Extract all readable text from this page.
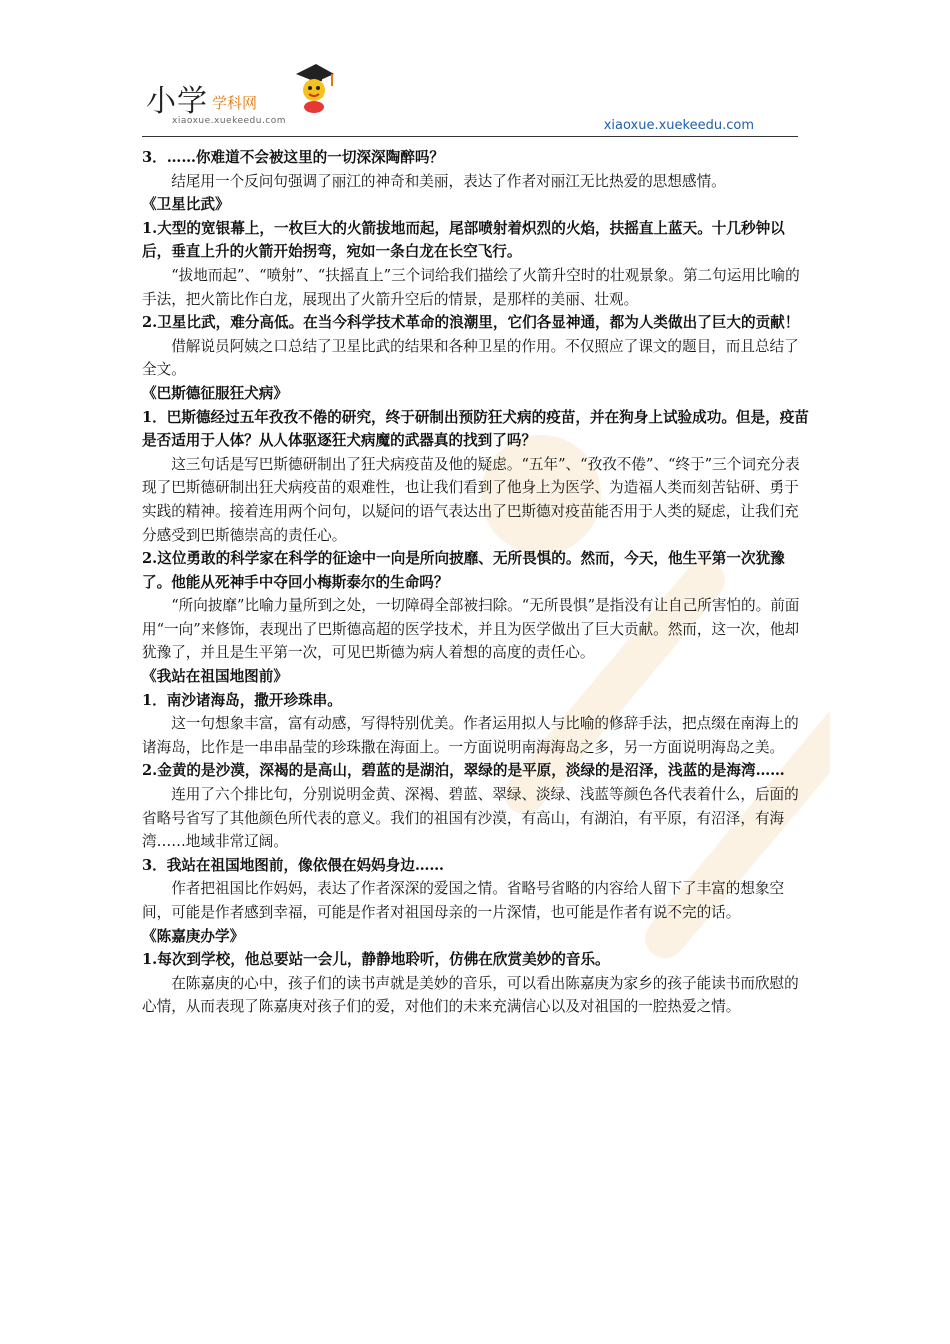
小学 学科网
xiaoxue.xuekeedu.com	xiaoxue.xuekeedu.com

3．……你难道不会被这里的一切深深陶醉吗？

结尾用一个反问句强调了丽江的神奇和美丽，表达了作者对丽江无比热爱的思想感情。

《卫星比武》

1.大型的宽银幕上，一枚巨大的火箭拔地而起，尾部喷射着炽烈的火焰，扶摇直上蓝天。十几秒钟以后，垂直上升的火箭开始拐弯，宛如一条白龙在长空飞行。

“拔地而起”、“喷射”、“扶摇直上”三个词给我们描绘了火箭升空时的壮观景象。第二句运用比喻的手法，把火箭比作白龙，展现出了火箭升空后的情景，是那样的美丽、壮观。

2.卫星比武，难分高低。在当今科学技术革命的浪潮里，它们各显神通，都为人类做出了巨大的贡献！

借解说员阿姨之口总结了卫星比武的结果和各种卫星的作用。不仅照应了课文的题目，而且总结了全文。

《巴斯德征服狂犬病》

1．巴斯德经过五年孜孜不倦的研究，终于研制出预防狂犬病的疫苗，并在狗身上试验成功。但是，疫苗是否适用于人体？从人体驱逐狂犬病魔的武器真的找到了吗？

这三句话是写巴斯德研制出了狂犬病疫苗及他的疑虑。“五年”、“孜孜不倦”、“终于”三个词充分表现了巴斯德研制出狂犬病疫苗的艰难性，也让我们看到了他身上为医学、为造福人类而刻苦钻研、勇于实践的精神。接着连用两个问句，以疑问的语气表达出了巴斯德对疫苗能否用于人类的疑虑，让我们充分感受到巴斯德崇高的责任心。

2.这位勇敢的科学家在科学的征途中一向是所向披靡、无所畏惧的。然而，今天，他生平第一次犹豫了。他能从死神手中夺回小梅斯泰尔的生命吗？

“所向披靡”比喻力量所到之处，一切障碍全部被扫除。“无所畏惧”是指没有让自己所害怕的。前面用“一向”来修饰，表现出了巴斯德高超的医学技术，并且为医学做出了巨大贡献。然而，这一次，他却犹豫了，并且是生平第一次，可见巴斯德为病人着想的高度的责任心。

《我站在祖国地图前》

1．南沙诸海岛，撒开珍珠串。

这一句想象丰富，富有动感，写得特别优美。作者运用拟人与比喻的修辞手法，把点缀在南海上的诸海岛，比作是一串串晶莹的珍珠撒在海面上。一方面说明南海海岛之多，另一方面说明海岛之美。

2.金黄的是沙漠，深褐的是高山，碧蓝的是湖泊，翠绿的是平原，淡绿的是沼泽，浅蓝的是海湾……

连用了六个排比句，分别说明金黄、深褐、碧蓝、翠绿、淡绿、浅蓝等颜色各代表着什么，后面的省略号省写了其他颜色所代表的意义。我们的祖国有沙漠，有高山，有湖泊，有平原，有沼泽，有海湾……地域非常辽阔。

3．我站在祖国地图前，像依偎在妈妈身边……

作者把祖国比作妈妈，表达了作者深深的爱国之情。省略号省略的内容给人留下了丰富的想象空间，可能是作者感到幸福，可能是作者对祖国母亲的一片深情，也可能是作者有说不完的话。

《陈嘉庚办学》

1.每次到学校，他总要站一会儿，静静地聆听，仿佛在欣赏美妙的音乐。

在陈嘉庚的心中，孩子们的读书声就是美妙的音乐，可以看出陈嘉庚为家乡的孩子能读书而欣慰的心情，从而表现了陈嘉庚对孩子们的爱，对他们的未来充满信心以及对祖国的一腔热爱之情。
